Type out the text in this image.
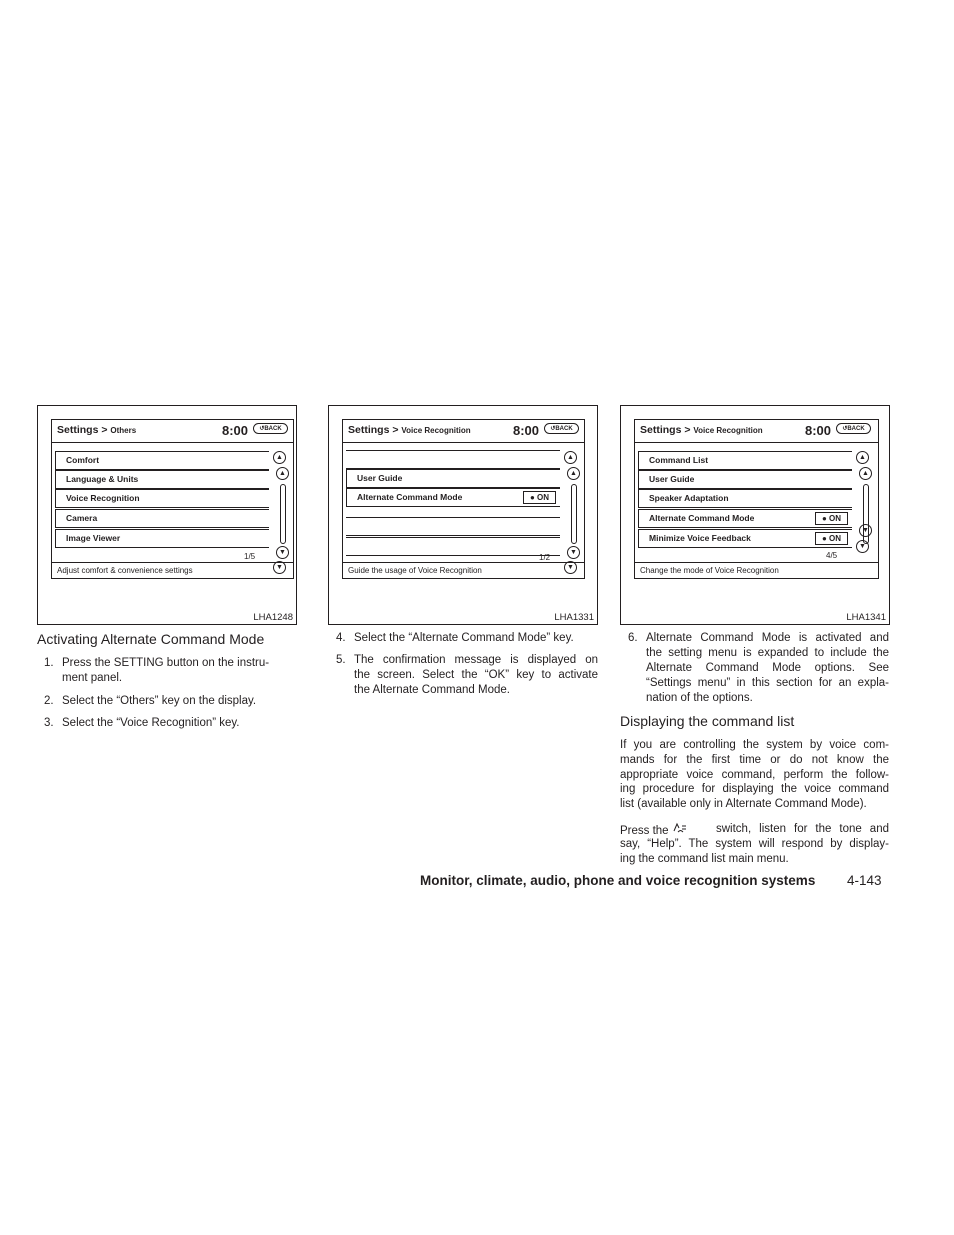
Settings > Others	8:00	↺BACK
Comfort
Language & Units
Voice Recognition
Camera
Image Viewer
▲
▲
▼
▼
1/5
Adjust comfort & convenience settings
LHA1248
Settings > Voice Recognition	8:00	↺BACK
User Guide
Alternate Command Mode	● ON
▲
▲
▼
▼
1/2
Guide the usage of Voice Recognition
LHA1331
Settings > Voice Recognition	8:00	↺BACK
Command List
User Guide
Speaker Adaptation
Alternate Command Mode	● ON
Minimize Voice Feedback	● ON
▲
▲
▼
▼
4/5
Change the mode of Voice Recognition
LHA1341
Activating Alternate Command Mode
1. Press the SETTING button on the instru-
ment panel.
2. Select the “Others” key on the display.
3. Select the “Voice Recognition” key.
4. Select the “Alternate Command Mode” key.
5. The confirmation message is displayed on
the screen. Select the “OK” key to activate
the Alternate Command Mode.
6. Alternate Command Mode is activated and
the setting menu is expanded to include the
Alternate Command Mode options. See
“Settings menu” in this section for an expla-
nation of the options.
Displaying the command list
If you are controlling the system by voice com-
mands for the first time or do not know the
appropriate voice command, perform the follow-
ing procedure for displaying the voice command
list (available only in Alternate Command Mode).
Press the	switch, listen for the tone and
say, “Help”. The system will respond by display-
ing the command list main menu.
Monitor, climate, audio, phone and voice recognition systems 4-143
